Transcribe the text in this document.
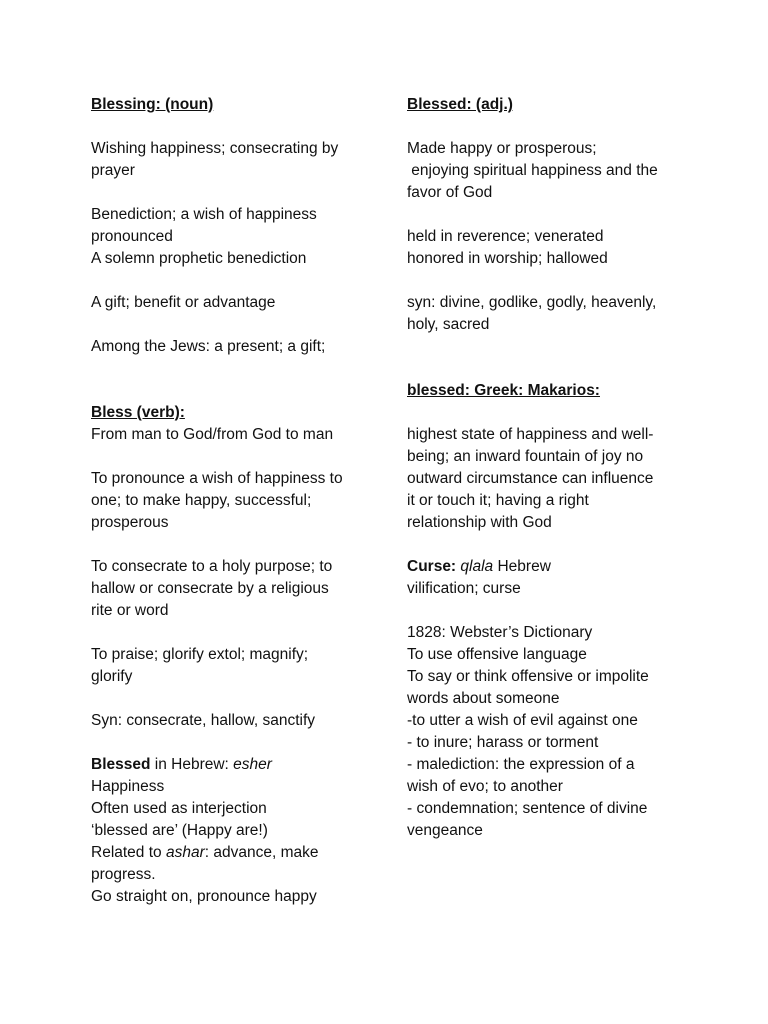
Blessing: (noun)
Wishing happiness; consecrating by
prayer
Benediction; a wish of happiness
pronounced
A solemn prophetic benediction
A gift; benefit or advantage
Among the Jews: a present; a gift;
Bless (verb):
From man to God/from God to man
To pronounce a wish of happiness to
one; to make happy, successful;
prosperous
To consecrate to a holy purpose; to
hallow or consecrate by a religious
rite or word
To praise; glorify extol; magnify;
glorify
Syn: consecrate, hallow, sanctify
Blessed in Hebrew: esher
Happiness
Often used as interjection
‘blessed are’ (Happy are!)
Related to ashar: advance, make
progress.
Go straight on, pronounce happy
Blessed: (adj.)
Made happy or prosperous;
enjoying spiritual happiness and the
favor of God
held in reverence; venerated
honored in worship; hallowed
syn: divine, godlike, godly, heavenly,
holy, sacred
blessed: Greek: Makarios:
highest state of happiness and well-
being; an inward fountain of joy no
outward circumstance can influence
it or touch it; having a right
relationship with God
Curse: qlala Hebrew
vilification; curse
1828: Webster’s Dictionary
To use offensive language
To say or think offensive or impolite
words about someone
-to utter a wish of evil against one
- to inure; harass or torment
- malediction: the expression of a
wish of evo; to another
- condemnation; sentence of divine
vengeance
